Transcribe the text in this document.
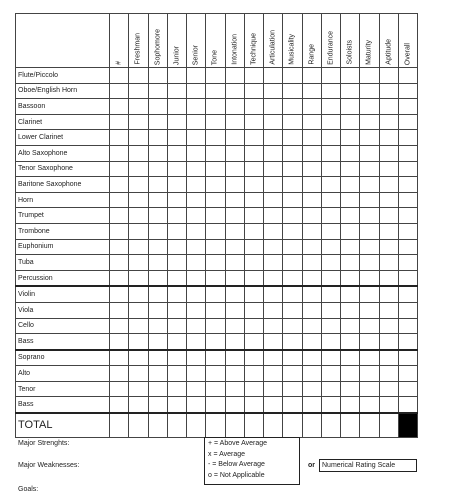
	#	Freshman	Sophomore	Junior	Senior	Tone	Intonation	Technique	Articulation	Musicality	Range	Endurance	Soloists	Maturity	Aptitude	Overall

Flute/Piccolo																
Oboe/English Horn																
Bassoon																
Clarinet																
Lower Clarinet																
Alto Saxophone																
Tenor Saxophone																
Baritone Saxophone																
Horn																
Trumpet																
Trombone																
Euphonium																
Tuba																
Percussion																
Violin																
Viola																
Cello																
Bass																
Soprano																
Alto																
Tenor																
Bass																
TOTAL																
Major Strenghts:
Major Weaknesses:
Goals:
+ = Above Average
x = Average
- = Below Average
o = Not Applicable
or	Numerical Rating Scale
